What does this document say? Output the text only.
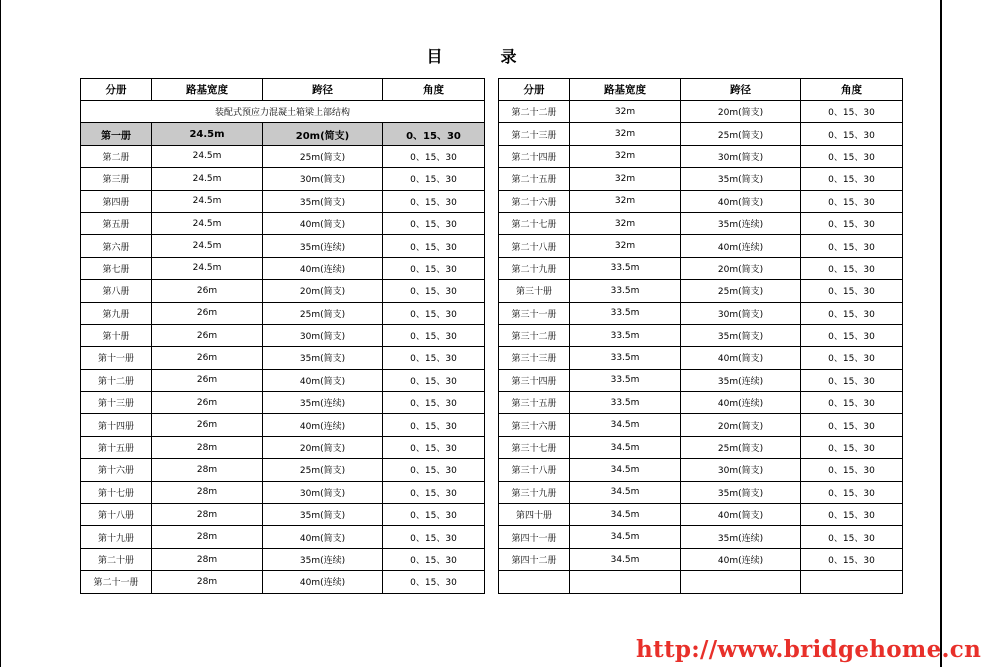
目	录
分册	路基宽度	跨径	角度
装配式预应力混凝土箱梁上部结构			
第一册	24.5m	20m(简支)	0、15、30
第二册	24.5m	25m(简支)	0、15、30
第三册	24.5m	30m(简支)	0、15、30
第四册	24.5m	35m(简支)	0、15、30
第五册	24.5m	40m(简支)	0、15、30
第六册	24.5m	35m(连续)	0、15、30
第七册	24.5m	40m(连续)	0、15、30
第八册	26m	20m(简支)	0、15、30
第九册	26m	25m(简支)	0、15、30
第十册	26m	30m(简支)	0、15、30
第十一册	26m	35m(简支)	0、15、30
第十二册	26m	40m(简支)	0、15、30
第十三册	26m	35m(连续)	0、15、30
第十四册	26m	40m(连续)	0、15、30
第十五册	28m	20m(简支)	0、15、30
第十六册	28m	25m(简支)	0、15、30
第十七册	28m	30m(简支)	0、15、30
第十八册	28m	35m(简支)	0、15、30
第十九册	28m	40m(简支)	0、15、30
第二十册	28m	35m(连续)	0、15、30
第二十一册	28m	40m(连续)	0、15、30
分册	路基宽度	跨径	角度
第二十二册	32m	20m(简支)	0、15、30
第二十三册	32m	25m(简支)	0、15、30
第二十四册	32m	30m(简支)	0、15、30
第二十五册	32m	35m(简支)	0、15、30
第二十六册	32m	40m(简支)	0、15、30
第二十七册	32m	35m(连续)	0、15、30
第二十八册	32m	40m(连续)	0、15、30
第二十九册	33.5m	20m(简支)	0、15、30
第三十册	33.5m	25m(简支)	0、15、30
第三十一册	33.5m	30m(简支)	0、15、30
第三十二册	33.5m	35m(简支)	0、15、30
第三十三册	33.5m	40m(简支)	0、15、30
第三十四册	33.5m	35m(连续)	0、15、30
第三十五册	33.5m	40m(连续)	0、15、30
第三十六册	34.5m	20m(简支)	0、15、30
第三十七册	34.5m	25m(简支)	0、15、30
第三十八册	34.5m	30m(简支)	0、15、30
第三十九册	34.5m	35m(简支)	0、15、30
第四十册	34.5m	40m(简支)	0、15、30
第四十一册	34.5m	35m(连续)	0、15、30
第四十二册	34.5m	40m(连续)	0、15、30

http://www.bridgehome.cn
